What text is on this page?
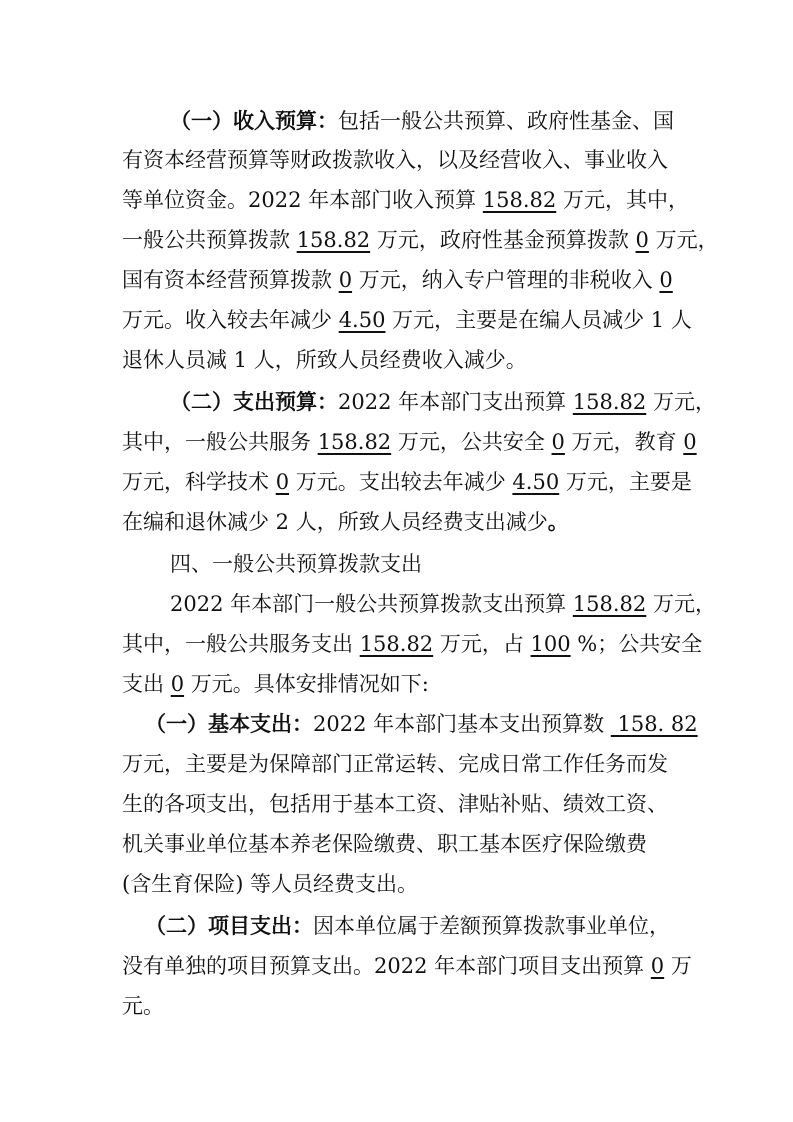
（一）收入预算：包括一般公共预算、政府性基金、国
有资本经营预算等财政拨款收入，以及经营收入、事业收入
等单位资金。2022 年本部门收入预算 158.82 万元，其中，
一般公共预算拨款 158.82 万元，政府性基金预算拨款 0 万元，
国有资本经营预算拨款 0 万元，纳入专户管理的非税收入 0
万元。收入较去年减少 4.50 万元，主要是在编人员减少 1 人
退休人员减 1 人，所致人员经费收入减少。
（二）支出预算：2022 年本部门支出预算 158.82 万元，
其中，一般公共服务 158.82 万元，公共安全 0 万元，教育 0
万元，科学技术 0 万元。支出较去年减少 4.50 万元，主要是
在编和退休减少 2 人，所致人员经费支出减少。
四、一般公共预算拨款支出
2022 年本部门一般公共预算拨款支出预算 158.82 万元，
其中，一般公共服务支出 158.82 万元，占 100 %；公共安全
支出 0 万元。具体安排情况如下:
（一）基本支出：2022 年本部门基本支出预算数  158. 82
万元，主要是为保障部门正常运转、完成日常工作任务而发
生的各项支出，包括用于基本工资、津贴补贴、绩效工资、
机关事业单位基本养老保险缴费、职工基本医疗保险缴费
(含生育保险) 等人员经费支出。
（二）项目支出：因本单位属于差额预算拨款事业单位，
没有单独的项目预算支出。2022 年本部门项目支出预算 0 万
元。
